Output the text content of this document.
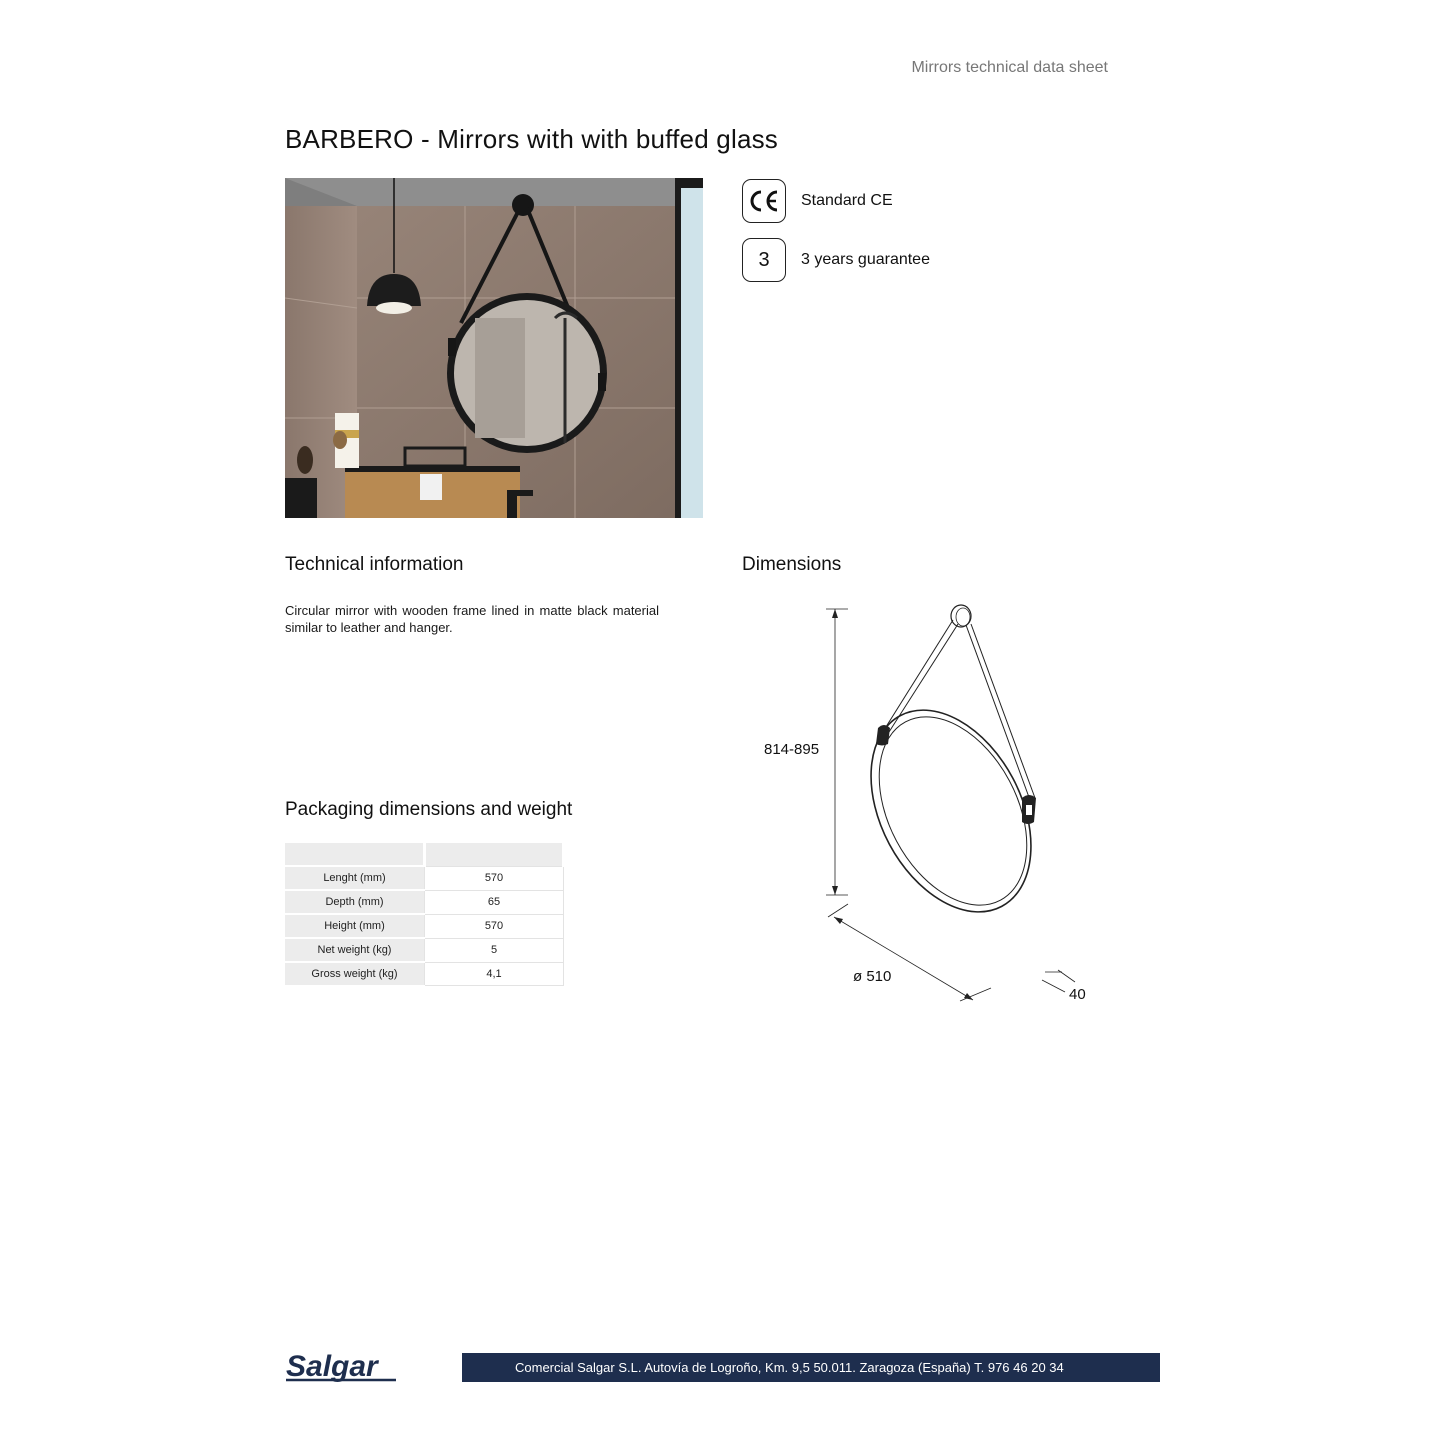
Mirrors technical data sheet
BARBERO - Mirrors with with buffed glass
Standard CE
3 3 years guarantee
Technical information
Circular mirror with wooden frame lined in matte black material similar to leather and hanger.
Packaging dimensions and weight

Lenght (mm)	570
Depth (mm)	65
Height (mm)	570
Net weight (kg)	5
Gross weight (kg)	4,1
Dimensions
814-895
ø 510
40
Salgar	Comercial Salgar S.L. Autovía de Logroño, Km. 9,5 50.011. Zaragoza (España) T. 976 46 20 34
